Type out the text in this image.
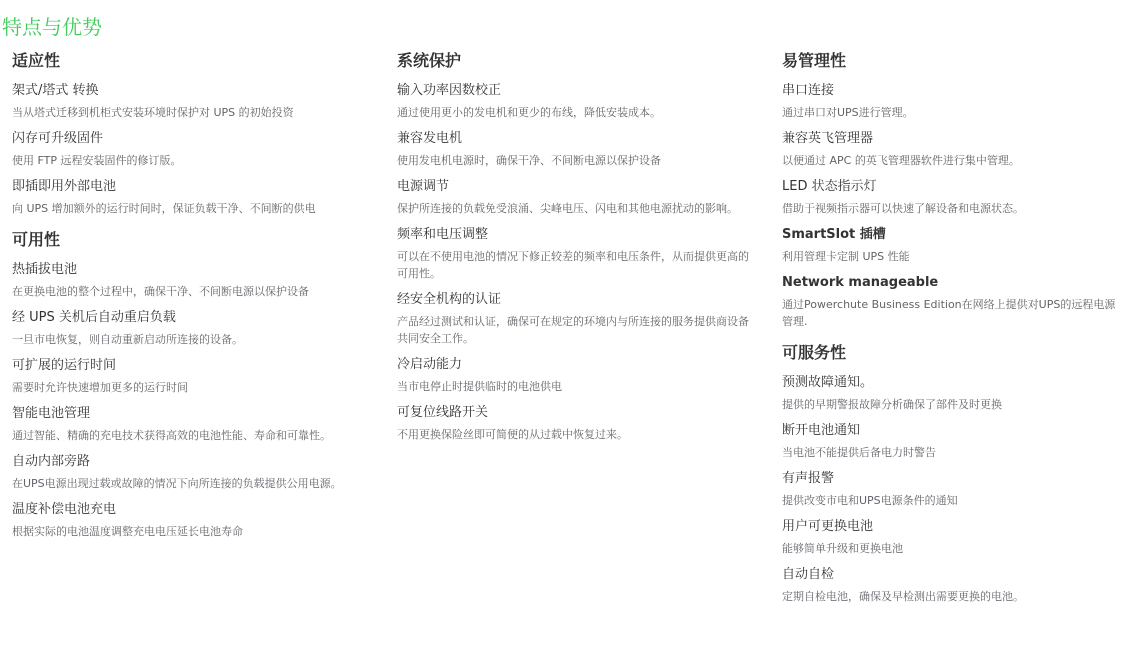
特点与优势
适应性
架式/塔式 转换
当从塔式迁移到机柜式安装环境时保护对 UPS 的初始投资
闪存可升级固件
使用 FTP 远程安装固件的修订版。
即插即用外部电池
向 UPS 增加额外的运行时间时，保证负载干净、不间断的供电
可用性
热插拔电池
在更换电池的整个过程中，确保干净、不间断电源以保护设备
经 UPS 关机后自动重启负载
一旦市电恢复，则自动重新启动所连接的设备。
可扩展的运行时间
需要时允许快速增加更多的运行时间
智能电池管理
通过智能、精确的充电技术获得高效的电池性能、寿命和可靠性。
自动内部旁路
在UPS电源出现过载或故障的情况下向所连接的负载提供公用电源。
温度补偿电池充电
根据实际的电池温度调整充电电压延长电池寿命
系统保护
输入功率因数校正
通过使用更小的发电机和更少的布线，降低安装成本。
兼容发电机
使用发电机电源时，确保干净、不间断电源以保护设备
电源调节
保护所连接的负载免受浪涌、尖峰电压、闪电和其他电源扰动的影响。
频率和电压调整
可以在不使用电池的情况下修正较差的频率和电压条件，从而提供更高的可用性。
经安全机构的认证
产品经过测试和认证，确保可在规定的环境内与所连接的服务提供商设备共同安全工作。
冷启动能力
当市电停止时提供临时的电池供电
可复位线路开关
不用更换保险丝即可简便的从过载中恢复过来。
易管理性
串口连接
通过串口对UPS进行管理。
兼容英飞管理器
以便通过 APC 的英飞管理器软件进行集中管理。
LED 状态指示灯
借助于视频指示器可以快速了解设备和电源状态。
SmartSlot 插槽
利用管理卡定制 UPS 性能
Network manageable
通过Powerchute Business Edition在网络上提供对UPS的远程电源管理.
可服务性
预测故障通知。
提供的早期警报故障分析确保了部件及时更换
断开电池通知
当电池不能提供后备电力时警告
有声报警
提供改变市电和UPS电源条件的通知
用户可更换电池
能够简单升级和更换电池
自动自检
定期自检电池，确保及早检测出需要更换的电池。
